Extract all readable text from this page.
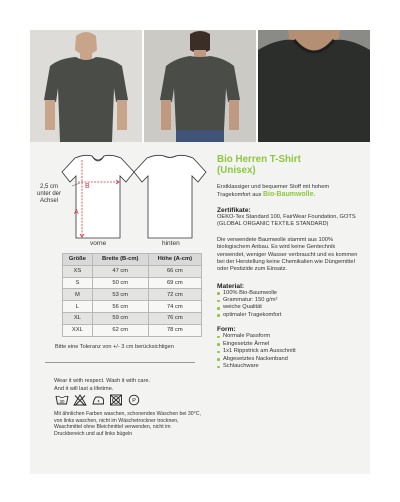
B
A
2,5 cm unter der Achsel
vorne	hinten
Größe	Breite (B-cm)	Höhe (A-cm)
XS	47 cm	66 cm
S	50 cm	69 cm
M	53 cm	72 cm
L	56 cm	74 cm
XL	59 cm	76 cm
XXL	62 cm	78 cm
Bitte eine Toleranz von +/- 3 cm berücksichtigen
Wear it with respect. Wash it with care.
And it will last a lifetime.
30	P
Mit ähnlichen Farben waschen, schonendes Waschen bei 30°C, von links waschen, nicht im Wäschetrockner trocknen, Waschmittel ohne Bleichmittel verwenden, nicht im Druckbereich und auf links bügeln
Bio Herren T-Shirt
(Unisex)
Erstklassiger und bequemer Stoff mit hohem
Tragekomfort aus Bio-Baumwolle.
Zertifikate:
OEKO-Tex Standard 100, FairWear Foundation, GOTS (GLOBAL ORGANIC TEXTILE STANDARD)
Die verwendete Baumwolle stammt aus 100% biologischem Anbau. Es wird keine Gentechnik verwendet, weniger Wasser verbraucht und es kommen bei der Herstellung keine Chemikalien wie Düngemittel oder Pestizide zum Einsatz.
Material:
100% Bio-Baumwolle
Grammatur: 150 g/m²
weiche Qualität
optimaler Tragekomfort
Form:
Normale Passform
Eingesetzte Ärmel
1x1 Rippstrick am Ausschnitt
Abgesetztes Nackenband
Schlauchware
